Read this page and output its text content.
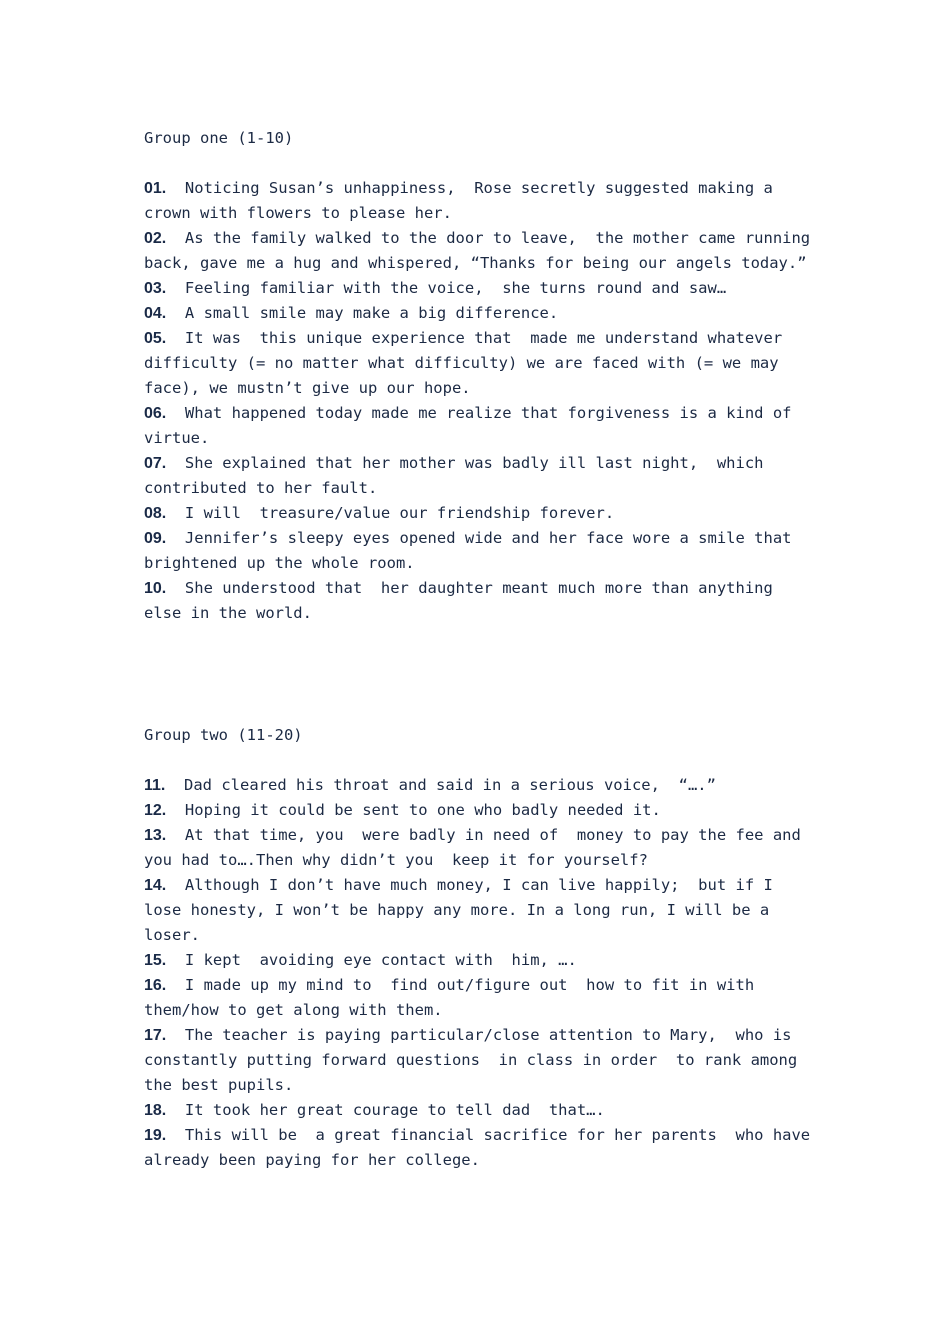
Group one (1-10)
01.  Noticing Susan’s unhappiness,  Rose secretly suggested making a crown with flowers to please her.
02.  As the family walked to the door to leave,  the mother came running back, gave me a hug and whispered, “Thanks for being our angels today.”
03.  Feeling familiar with the voice,  she turns round and saw…
04.  A small smile may make a big difference.
05.  It was  this unique experience that  made me understand whatever difficulty (= no matter what difficulty) we are faced with (= we may face), we mustn’t give up our hope.
06.  What happened today made me realize that forgiveness is a kind of virtue.
07.  She explained that her mother was badly ill last night,  which contributed to her fault.
08.  I will  treasure/value our friendship forever.
09.  Jennifer’s sleepy eyes opened wide and her face wore a smile that brightened up the whole room.
10.  She understood that  her daughter meant much more than anything else in the world.
Group two (11-20)
11.  Dad cleared his throat and said in a serious voice,  “….”
12.  Hoping it could be sent to one who badly needed it.
13.  At that time, you  were badly in need of  money to pay the fee and you had to….Then why didn’t you  keep it for yourself?
14.  Although I don’t have much money, I can live happily;  but if I lose honesty, I won’t be happy any more. In a long run, I will be a loser.
15.  I kept  avoiding eye contact with  him, ….
16.  I made up my mind to  find out/figure out  how to fit in with them/how to get along with them.
17.  The teacher is paying particular/close attention to Mary,  who is constantly putting forward questions  in class in order  to rank among  the best pupils.
18.  It took her great courage to tell dad  that….
19.  This will be  a great financial sacrifice for her parents  who have already been paying for her college.
